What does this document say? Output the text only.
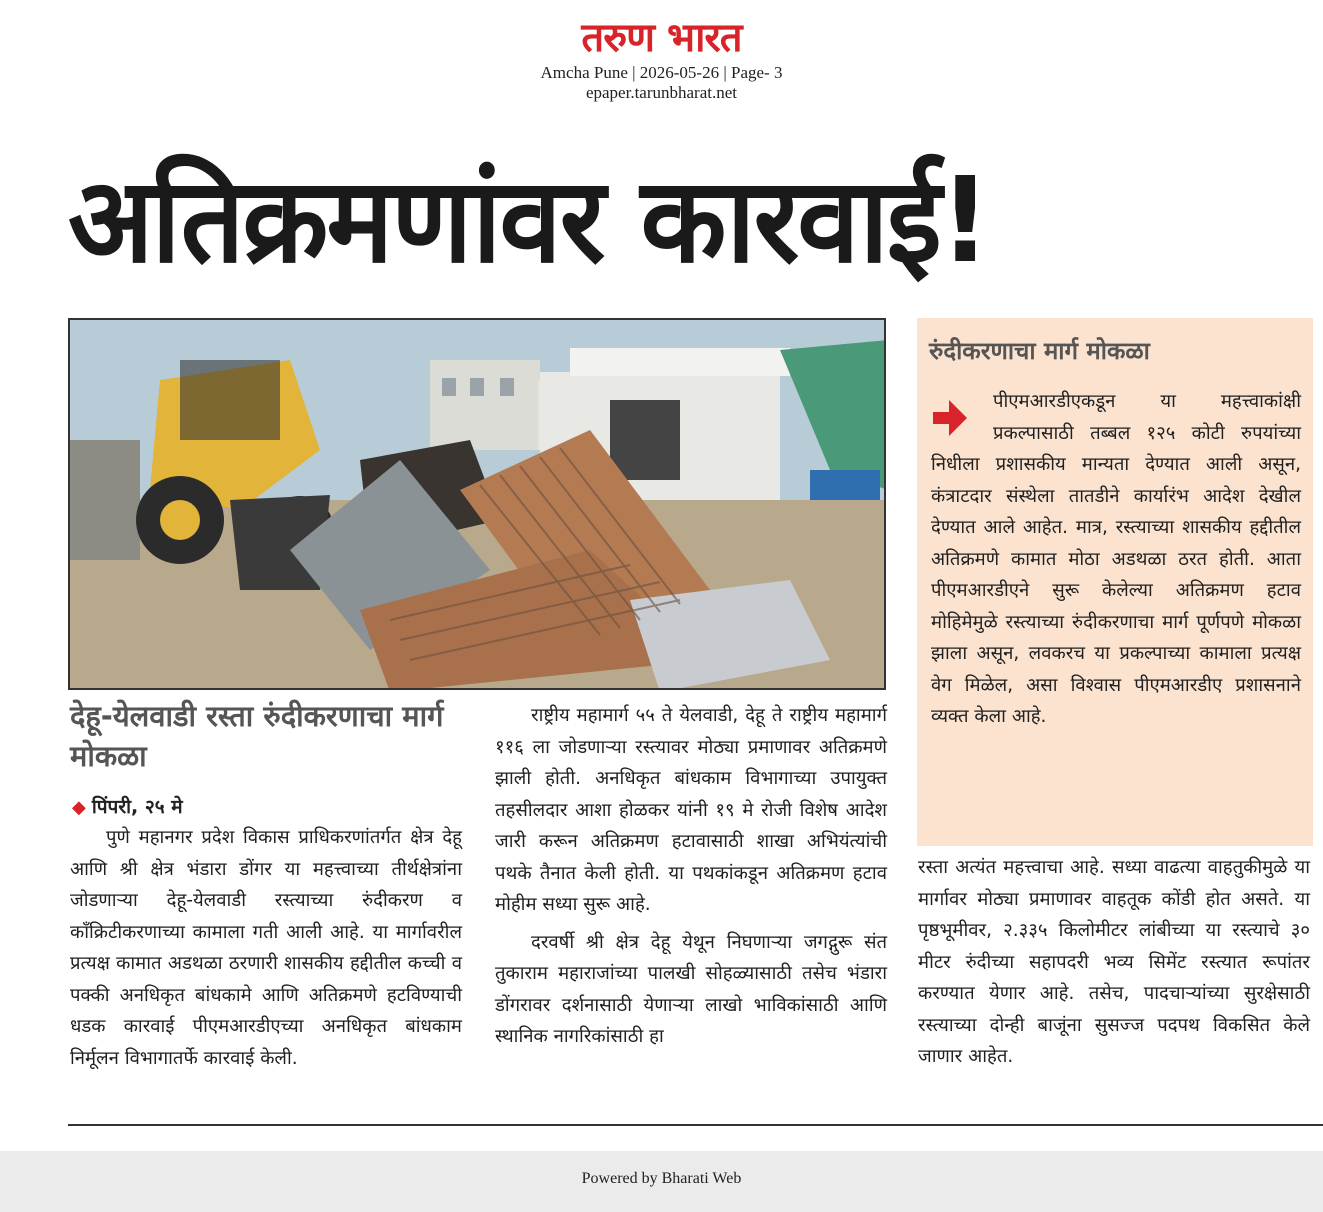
तरुण भारत
Amcha Pune | 2026-05-26 | Page- 3
epaper.tarunbharat.net
अतिक्रमणांवर कारवाई!
देहू-येलवाडी रस्ता रुंदीकरणाचा मार्ग मोकळा
◆ पिंपरी, २५ मे

पुणे महानगर प्रदेश विकास प्राधिकरणांतर्गत क्षेत्र देहू आणि श्री क्षेत्र भंडारा डोंगर या महत्त्वाच्या तीर्थक्षेत्रांना जोडणाऱ्या देहू-येलवाडी रस्त्याच्या रुंदीकरण व कॉंक्रिटीकरणाच्या कामाला गती आली आहे. या मार्गावरील प्रत्यक्ष कामात अडथळा ठरणारी शासकीय हद्दीतील कच्ची व पक्की अनधिकृत बांधकामे आणि अतिक्रमणे हटविण्याची धडक कारवाई पीएमआरडीएच्या अनधिकृत बांधकाम निर्मूलन विभागातर्फे कारवाई केली.

राष्ट्रीय महामार्ग ५५ ते येलवाडी, देहू ते राष्ट्रीय महामार्ग ११६ ला जोडणाऱ्या रस्त्यावर मोठ्या प्रमाणावर अतिक्रमणे झाली होती. अनधिकृत बांधकाम विभागाच्या उपायुक्त तहसीलदार आशा होळकर यांनी १९ मे रोजी विशेष आदेश जारी करून अतिक्रमण हटावासाठी शाखा अभियंत्यांची पथके तैनात केली होती. या पथकांकडून अतिक्रमण हटाव मोहीम सध्या सुरू आहे.

दरवर्षी श्री क्षेत्र देहू येथून निघणाऱ्या जगद्गुरू संत तुकाराम महाराजांच्या पालखी सोहळ्यासाठी तसेच भंडारा डोंगरावर दर्शनासाठी येणाऱ्या लाखो भाविकांसाठी आणि स्थानिक नागरिकांसाठी हा

रुंदीकरणाचा मार्ग मोकळा
पीएमआरडीएकडून या महत्त्वाकांक्षी प्रकल्पासाठी तब्बल १२५ कोटी रुपयांच्या निधीला प्रशासकीय मान्यता देण्यात आली असून, कंत्राटदार संस्थेला तातडीने कार्यारंभ आदेश देखील देण्यात आले आहेत. मात्र, रस्त्याच्या शासकीय हद्दीतील अतिक्रमणे कामात मोठा अडथळा ठरत होती. आता पीएमआरडीएने सुरू केलेल्या अतिक्रमण हटाव मोहिमेमुळे रस्त्याच्या रुंदीकरणाचा मार्ग पूर्णपणे मोकळा झाला असून, लवकरच या प्रकल्पाच्या कामाला प्रत्यक्ष वेग मिळेल, असा विश्वास पीएमआरडीए प्रशासनाने व्यक्त केला आहे.

रस्ता अत्यंत महत्त्वाचा आहे. सध्या वाढत्या वाहतुकीमुळे या मार्गावर मोठ्या प्रमाणावर वाहतूक कोंडी होत असते. या पृष्ठभूमीवर, २.३३५ किलोमीटर लांबीच्या या रस्त्याचे ३० मीटर रुंदीच्या सहापदरी भव्य सिमेंट रस्त्यात रूपांतर करण्यात येणार आहे. तसेच, पादचाऱ्यांच्या सुरक्षेसाठी रस्त्याच्या दोन्ही बाजूंना सुसज्ज पदपथ विकसित केले जाणार आहेत.

Powered by Bharati Web
